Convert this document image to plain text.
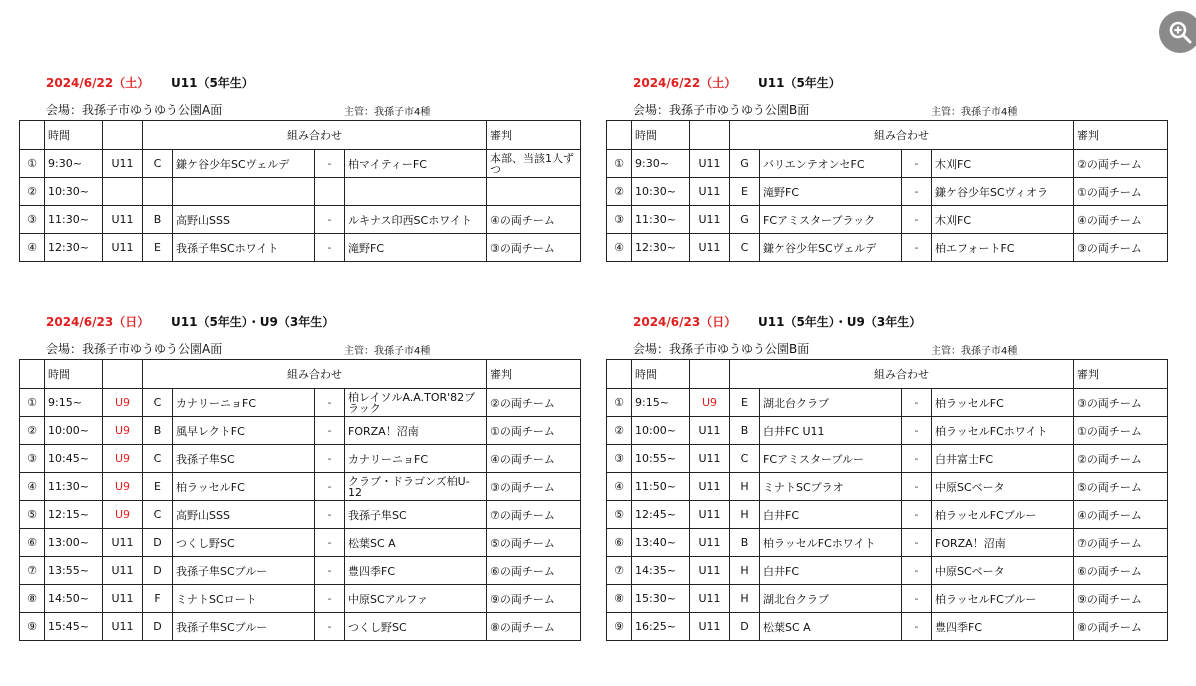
2024/6/22（土） U11（5年生）
会場：我孫子市ゆうゆう公園A面	主管：我孫子市4種
	時間		組み合わせ				審判
①	9:30~	U11	C	鎌ケ谷少年SCヴェルデ	-	柏マイティーFC	本部、当該1人ずつ
②	10:30~						
③	11:30~	U11	B	高野山SSS	-	ルキナス印西SCホワイト	④の両チーム
④	12:30~	U11	E	我孫子隼SCホワイト	-	滝野FC	③の両チーム
2024/6/22（土） U11（5年生）
会場：我孫子市ゆうゆう公園B面	主管：我孫子市4種
	時間		組み合わせ				審判
①	9:30~	U11	G	バリエンテオンセFC	-	木刈FC	②の両チーム
②	10:30~	U11	E	滝野FC	-	鎌ケ谷少年SCヴィオラ	①の両チーム
③	11:30~	U11	G	FCアミスターブラック	-	木刈FC	④の両チーム
④	12:30~	U11	C	鎌ケ谷少年SCヴェルデ	-	柏エフォートFC	③の両チーム
2024/6/23（日） U11（5年生）・U9（3年生）
会場：我孫子市ゆうゆう公園A面	主管：我孫子市4種
	時間		組み合わせ				審判
①	9:15~	U9	C	カナリーニョFC	-	柏レイソルA.A.TOR'82ブラック	②の両チーム
②	10:00~	U9	B	風早レクトFC	-	FORZA！沼南	①の両チーム
③	10:45~	U9	C	我孫子隼SC	-	カナリーニョFC	④の両チーム
④	11:30~	U9	E	柏ラッセルFC	-	クラブ・ドラゴンズ柏U-12	③の両チーム
⑤	12:15~	U9	C	高野山SSS	-	我孫子隼SC	⑦の両チーム
⑥	13:00~	U11	D	つくし野SC	-	松葉SC A	⑤の両チーム
⑦	13:55~	U11	D	我孫子隼SCブルー	-	豊四季FC	⑥の両チーム
⑧	14:50~	U11	F	ミナトSCロート	-	中原SCアルファ	⑨の両チーム
⑨	15:45~	U11	D	我孫子隼SCブルー	-	つくし野SC	⑧の両チーム
2024/6/23（日） U11（5年生）・U9（3年生）
会場：我孫子市ゆうゆう公園B面	主管：我孫子市4種
	時間		組み合わせ				審判
①	9:15~	U9	E	湖北台クラブ	-	柏ラッセルFC	③の両チーム
②	10:00~	U11	B	白井FC U11	-	柏ラッセルFCホワイト	①の両チーム
③	10:55~	U11	C	FCアミスターブルー	-	白井富士FC	②の両チーム
④	11:50~	U11	H	ミナトSCプラオ	-	中原SCベータ	⑤の両チーム
⑤	12:45~	U11	H	白井FC	-	柏ラッセルFCブルー	④の両チーム
⑥	13:40~	U11	B	柏ラッセルFCホワイト	-	FORZA！沼南	⑦の両チーム
⑦	14:35~	U11	H	白井FC	-	中原SCベータ	⑥の両チーム
⑧	15:30~	U11	H	湖北台クラブ	-	柏ラッセルFCブルー	⑨の両チーム
⑨	16:25~	U11	D	松葉SC A	-	豊四季FC	⑧の両チーム
